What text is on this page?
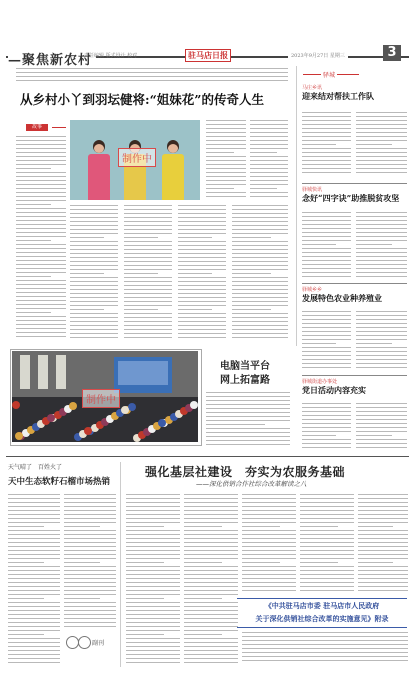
—聚焦新农村
责任编辑 版式设计 校对	驻马店日报	2023年9月27日 星期三	3
从乡村小丫到羽坛健将:“姐妹花”的传奇人生
故事
制作中
驿城
马庄乡讯
迎来结对帮扶工作队
驿城快讯
念好“四字诀”助推脱贫攻坚
驿城乡乡
发展特色农业种养殖业
驿城街道办事处
党日活动内容充实
制作中
电脑当平台
网上拓富路
天气晴了　百姓火了
天中生态软籽石榴市场热销
强化基层社建设　夯实为农服务基础
——深化供销合作社综合改革解读之八
副刊
《中共驻马店市委 驻马店市人民政府
关于深化供销社综合改革的实施意见》附录
